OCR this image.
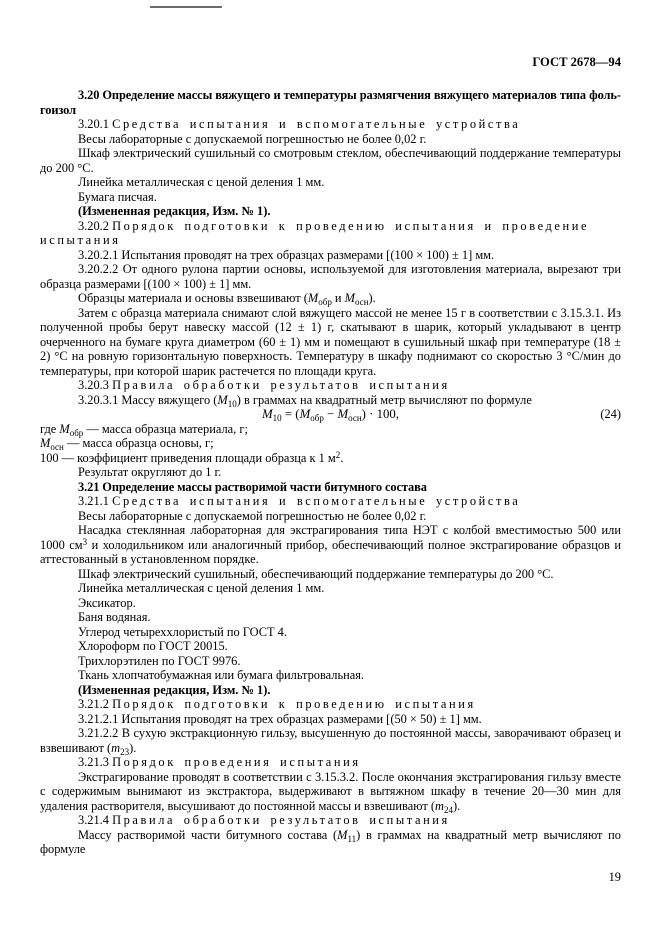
ГОСТ 2678—94

3.20 Определение массы вяжущего и температуры размягчения вяжущего материалов типа фольгоизол

3.20.1 Средства испытания и вспомогательные устройства

Весы лабораторные с допускаемой погрешностью не более 0,02 г.

Шкаф электрический сушильный со смотровым стеклом, обеспечивающий поддержание температуры до 200 °С.

Линейка металлическая с ценой деления 1 мм.

Бумага писчая.

(Измененная редакция, Изм. № 1).

3.20.2 Порядок подготовки к проведению испытания и проведение испытания

3.20.2.1 Испытания проводят на трех образцах размерами [(100 × 100) ± 1] мм.

3.20.2.2 От одного рулона партии основы, используемой для изготовления материала, вырезают три образца размерами [(100 × 100) ± 1] мм.

Образцы материала и основы взвешивают ($М_{обр}$ и $М_{осн}$).

Затем с образца материала снимают слой вяжущего массой не менее 15 г в соответствии с 3.15.3.1. Из полученной пробы берут навеску массой (12 ± 1) г, скатывают в шарик, который укладывают в центр очерченного на бумаге круга диаметром (60 ± 1) мм и помещают в сушильный шкаф при температуре (18 ± 2) °С на ровную горизонтальную поверхность. Температуру в шкафу поднимают со скоростью 3 °С/мин до температуры, при которой шарик растечется по площади круга.

3.20.3 Правила обработки результатов испытания

3.20.3.1 Массу вяжущего $(М_{10})$ в граммах на квадратный метр вычисляют по формуле

$М_{10} = (М_{обр} - М_{осн}) \cdot 100$,	(24)

где $М_{обр}$ — масса образца материала, г;

$М_{осн}$ — масса образца основы, г;

100 — коэффициент приведения площади образца к 1 $м^2$.

Результат округляют до 1 г.

3.21 Определение массы растворимой части битумного состава

3.21.1 Средства испытания и вспомогательные устройства

Весы лабораторные с допускаемой погрешностью не более 0,02 г.

Насадка стеклянная лабораторная для экстрагирования типа НЭТ с колбой вместимостью 500 или 1000 $см^3$ и холодильником или аналогичный прибор, обеспечивающий полное экстрагирование образцов и аттестованный в установленном порядке.

Шкаф электрический сушильный, обеспечивающий поддержание температуры до 200 °С.

Линейка металлическая с ценой деления 1 мм.

Эксикатор.

Баня водяная.

Углерод четыреххлористый по ГОСТ 4.

Хлороформ по ГОСТ 20015.

Трихлорэтилен по ГОСТ 9976.

Ткань хлопчатобумажная или бумага фильтровальная.

(Измененная редакция, Изм. № 1).

3.21.2 Порядок подготовки к проведению испытания

3.21.2.1 Испытания проводят на трех образцах размерами [(50 × 50) ± 1] мм.

3.21.2.2 В сухую экстракционную гильзу, высушенную до постоянной массы, заворачивают образец и взвешивают $(m_{23})$.

3.21.3 Порядок проведения испытания

Экстрагирование проводят в соответствии с 3.15.3.2. После окончания экстрагирования гильзу вместе с содержимым вынимают из экстрактора, выдерживают в вытяжном шкафу в течение 20—30 мин для удаления растворителя, высушивают до постоянной массы и взвешивают $(m_{24})$.

3.21.4 Правила обработки результатов испытания

Массу растворимой части битумного состава $(М_{11})$ в граммах на квадратный метр вычисляют по формуле

19
